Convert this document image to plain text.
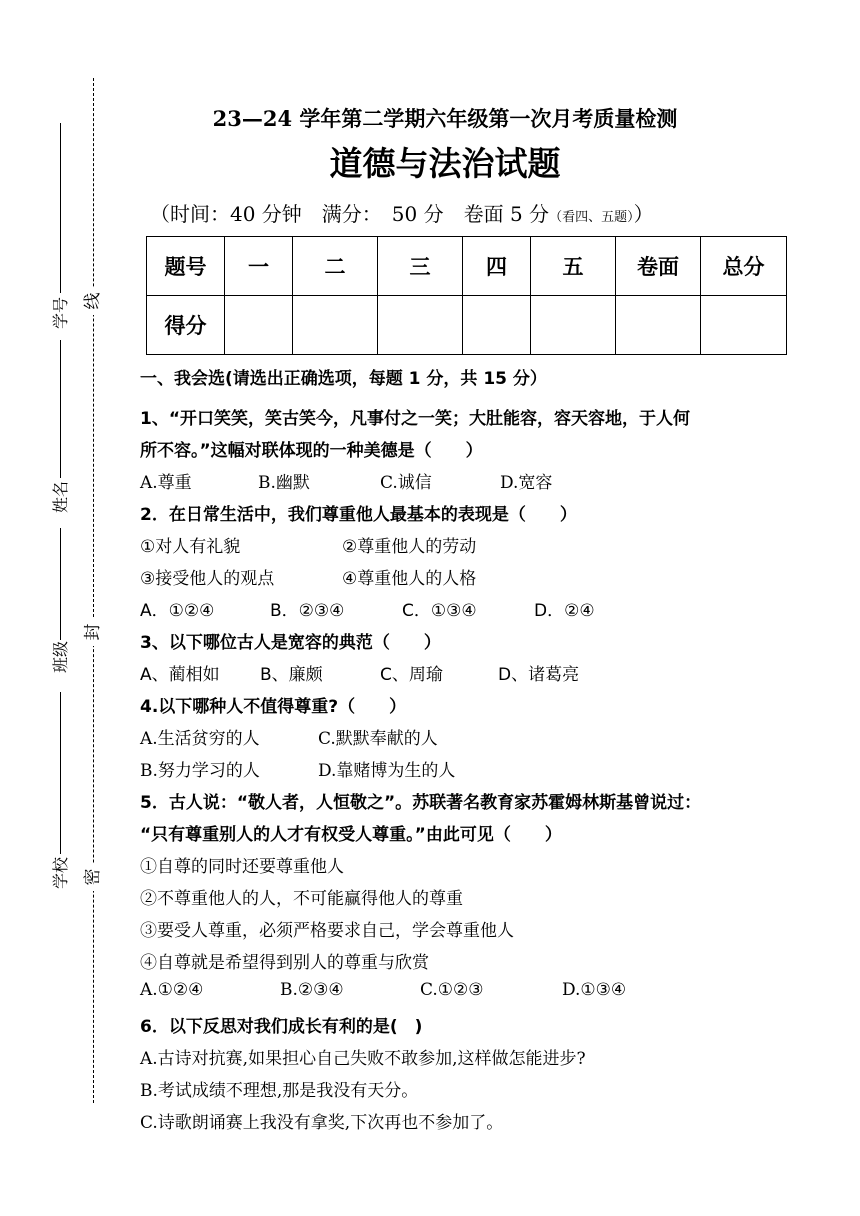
线
封
密
学号
姓名
班级
学校
23—24 学年第二学期六年级第一次月考质量检测
道德与法治试题
（时间：40 分钟　满分：　50 分　卷面 5 分（看四、五题））
题号	一	二	三	四	五	卷面	总分
得分							
一、我会选(请选出正确选项，每题 1 分，共 15 分）
1、“开口笑笑，笑古笑今，凡事付之一笑；大肚能容，容天容地，于人何
所不容。”这幅对联体现的一种美德是（　　）
A.尊重	B.幽默	C.诚信	D.宽容
2．在日常生活中，我们尊重他人最基本的表现是（　　）
①对人有礼貌	②尊重他人的劳动
③接受他人的观点	④尊重他人的人格
A．①②④	B．②③④	C．①③④	D．②④
3、以下哪位古人是宽容的典范（　　）
A、蔺相如 B、廉颇	C、周瑜	D、诸葛亮
4.以下哪种人不值得尊重?（　　）
A.生活贫穷的人	C.默默奉献的人
B.努力学习的人	D.靠赌博为生的人
5．古人说：“敬人者，人恒敬之”。苏联著名教育家苏霍姆林斯基曾说过：
“只有尊重别人的人才有权受人尊重。”由此可见（　　）
①自尊的同时还要尊重他人
②不尊重他人的人，不可能赢得他人的尊重
③要受人尊重，必须严格要求自己，学会尊重他人
④自尊就是希望得到别人的尊重与欣赏
A.①②④	B.②③④	C.①②③	D.①③④
6．以下反思对我们成长有利的是(　)
A.古诗对抗赛,如果担心自己失败不敢参加,这样做怎能进步?
B.考试成绩不理想,那是我没有天分。
C.诗歌朗诵赛上我没有拿奖,下次再也不参加了。
